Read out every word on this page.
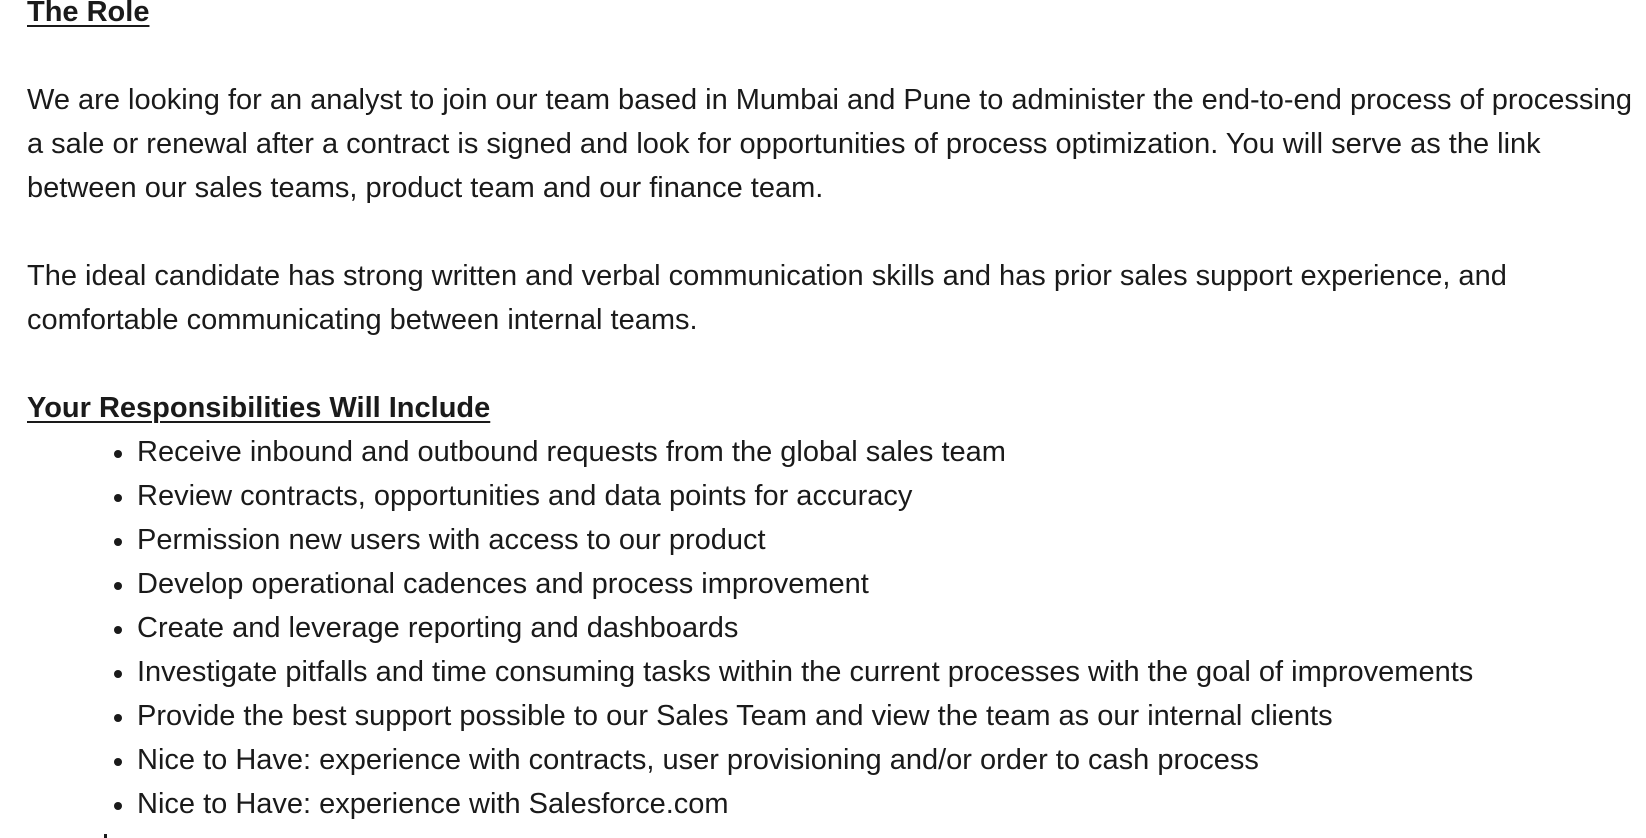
The Role

We are looking for an analyst to join our team based in Mumbai and Pune to administer the end-to-end process of processing a sale or renewal after a contract is signed and look for opportunities of process optimization. You will serve as the link between our sales teams, product team and our finance team.

The ideal candidate has strong written and verbal communication skills and has prior sales support experience, and comfortable communicating between internal teams.

Your Responsibilities Will Include
Receive inbound and outbound requests from the global sales team
Review contracts, opportunities and data points for accuracy
Permission new users with access to our product
Develop operational cadences and process improvement
Create and leverage reporting and dashboards
Investigate pitfalls and time consuming tasks within the current processes with the goal of improvements
Provide the best support possible to our Sales Team and view the team as our internal clients
Nice to Have: experience with contracts, user provisioning and/or order to cash process
Nice to Have: experience with Salesforce.com
